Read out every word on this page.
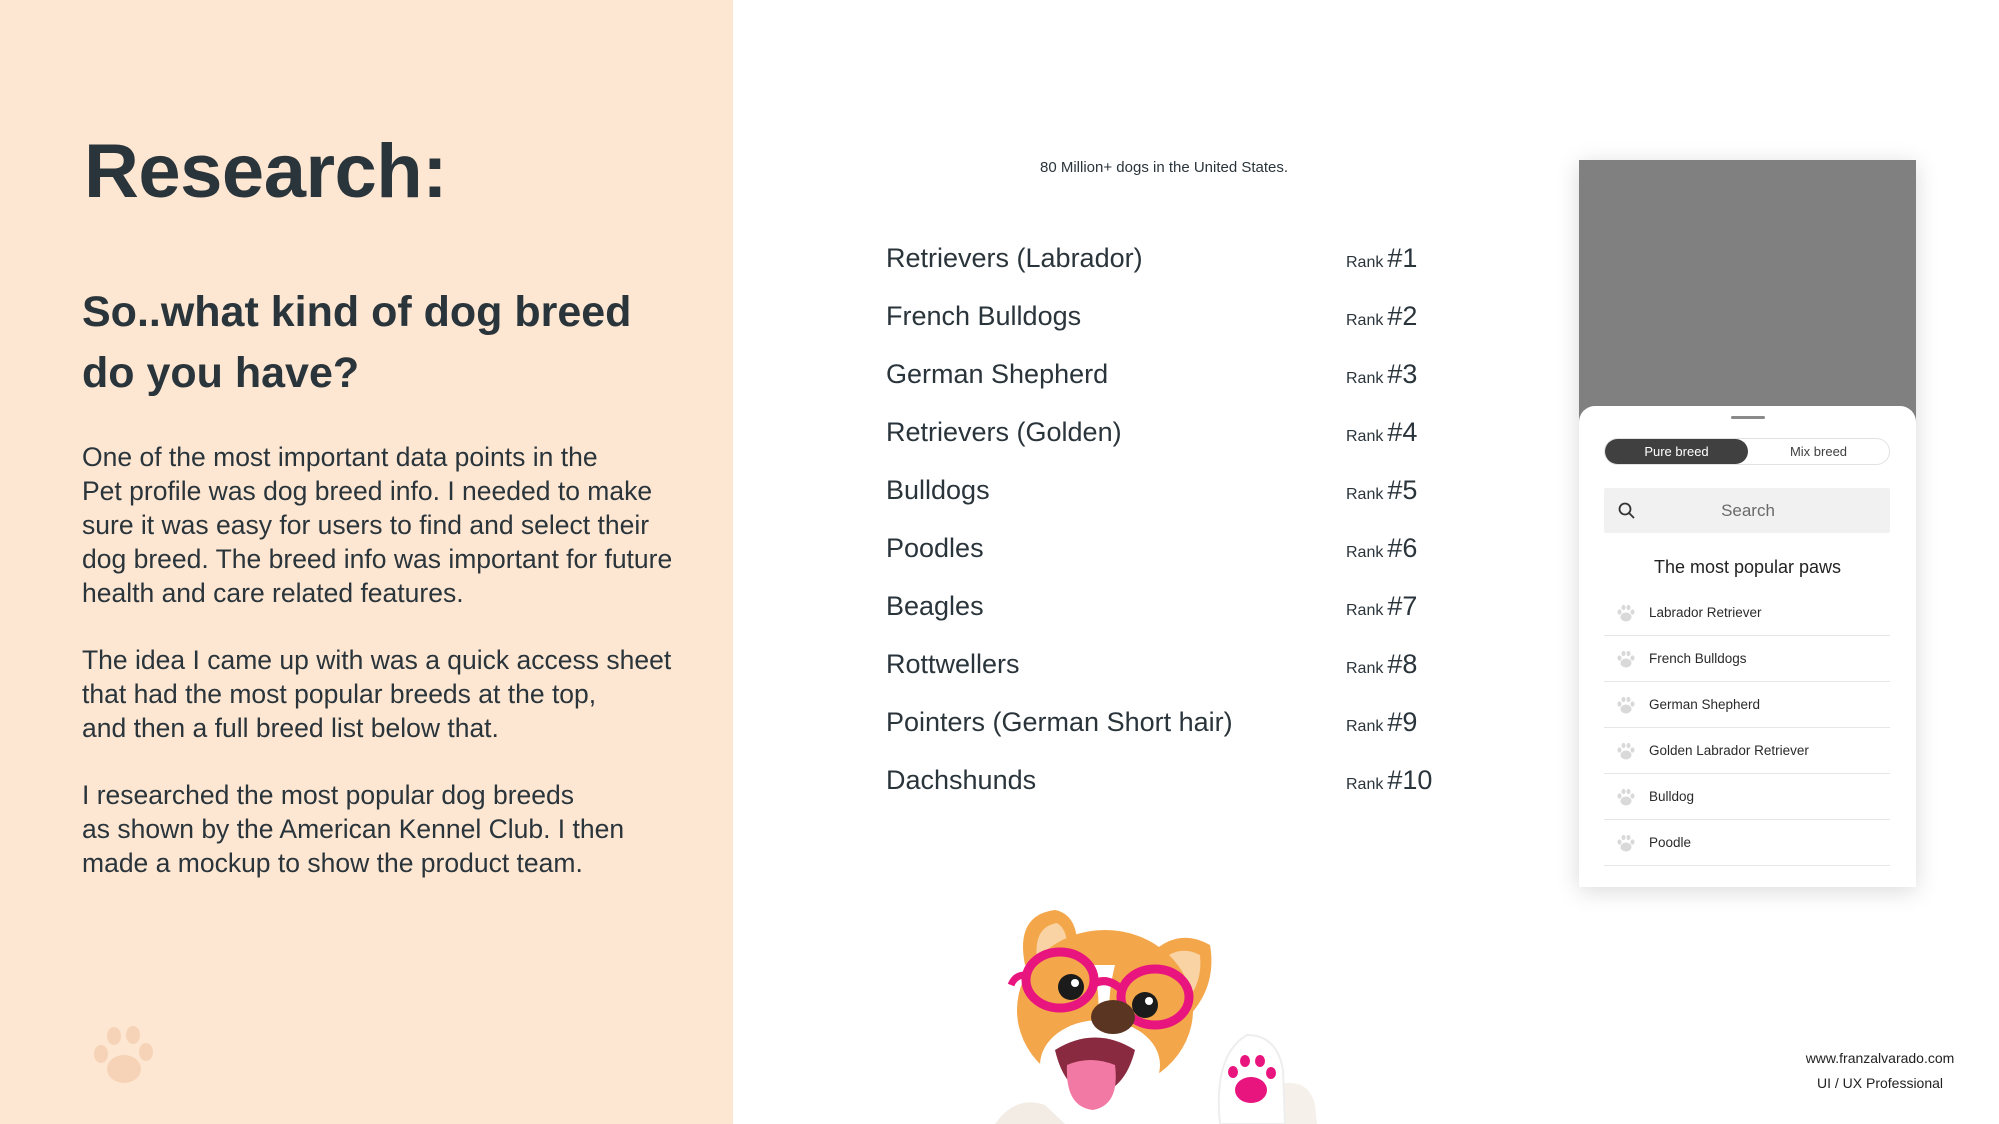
Research:
So..what kind of dog breed
do you have?

One of the most important data points in the
Pet profile was dog breed info. I needed to make
sure it was easy for users to find and select their
dog breed. The breed info was important for future
health and care related features.

The idea I came up with was a quick access sheet
that had the most popular breeds at the top,
and then a full breed list below that.

I researched the most popular dog breeds
as shown by the American Kennel Club. I then
made a mockup to show the product team.

80 Million+ dogs in the United States.
Retrievers (Labrador)	Rank #1
French Bulldogs	Rank #2
German Shepherd	Rank #3
Retrievers (Golden)	Rank #4
Bulldogs	Rank #5
Poodles	Rank #6
Beagles	Rank #7
Rottwellers	Rank #8
Pointers (German Short hair)	Rank #9
Dachshunds	Rank #10
Pure breed	Mix breed
Search
The most popular paws
Labrador Retriever
French Bulldogs
German Shepherd
Golden Labrador Retriever
Bulldog
Poodle
www.franzalvarado.com
UI / UX Professional
